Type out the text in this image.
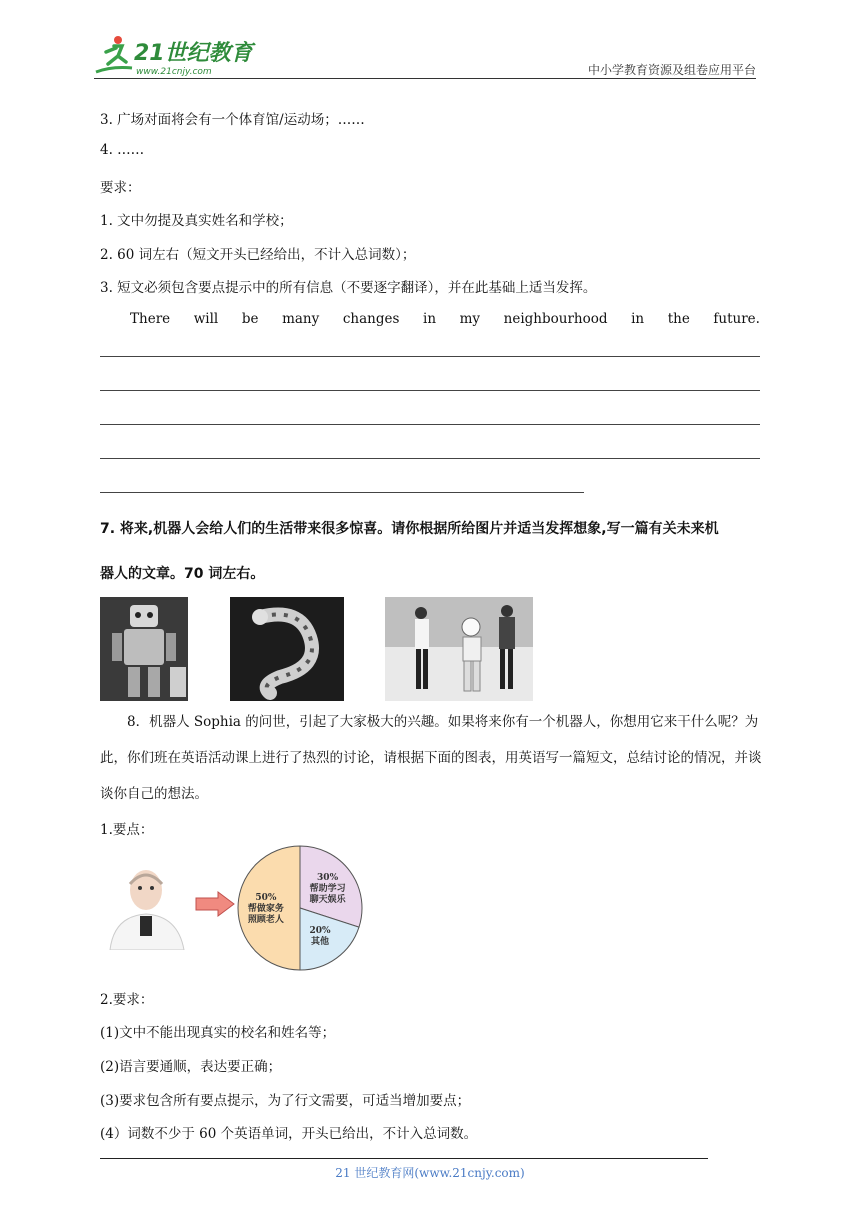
21世纪教育
www.21cnjy.com	中小学教育资源及组卷应用平台
3. 广场对面将会有一个体育馆/运动场；……
4. ……
要求：
1. 文中勿提及真实姓名和学校；
2. 60 词左右（短文开头已经给出，不计入总词数）；
3. 短文必须包含要点提示中的所有信息（不要逐字翻译），并在此基础上适当发挥。
There will be many changes in my neighbourhood in the future.
7. 将来,机器人会给人们的生活带来很多惊喜。请你根据所给图片并适当发挥想象,写一篇有关未来机
器人的文章。70 词左右。
8．机器人 Sophia 的问世，引起了大家极大的兴趣。如果将来你有一个机器人，你想用它来干什么呢？为此，你们班在英语活动课上进行了热烈的讨论，请根据下面的图表，用英语写一篇短文，总结讨论的情况，并谈谈你自己的想法。
1.要点：
50%
帮做家务
照顾老人
30%
帮助学习
聊天娱乐
20%
其他
2.要求：
(1)文中不能出现真实的校名和姓名等；
(2)语言要通顺，表达要正确；
(3)要求包含所有要点提示，为了行文需要，可适当增加要点；
(4）词数不少于 60 个英语单词，开头已给出，不计入总词数。
21 世纪教育网(www.21cnjy.com)
